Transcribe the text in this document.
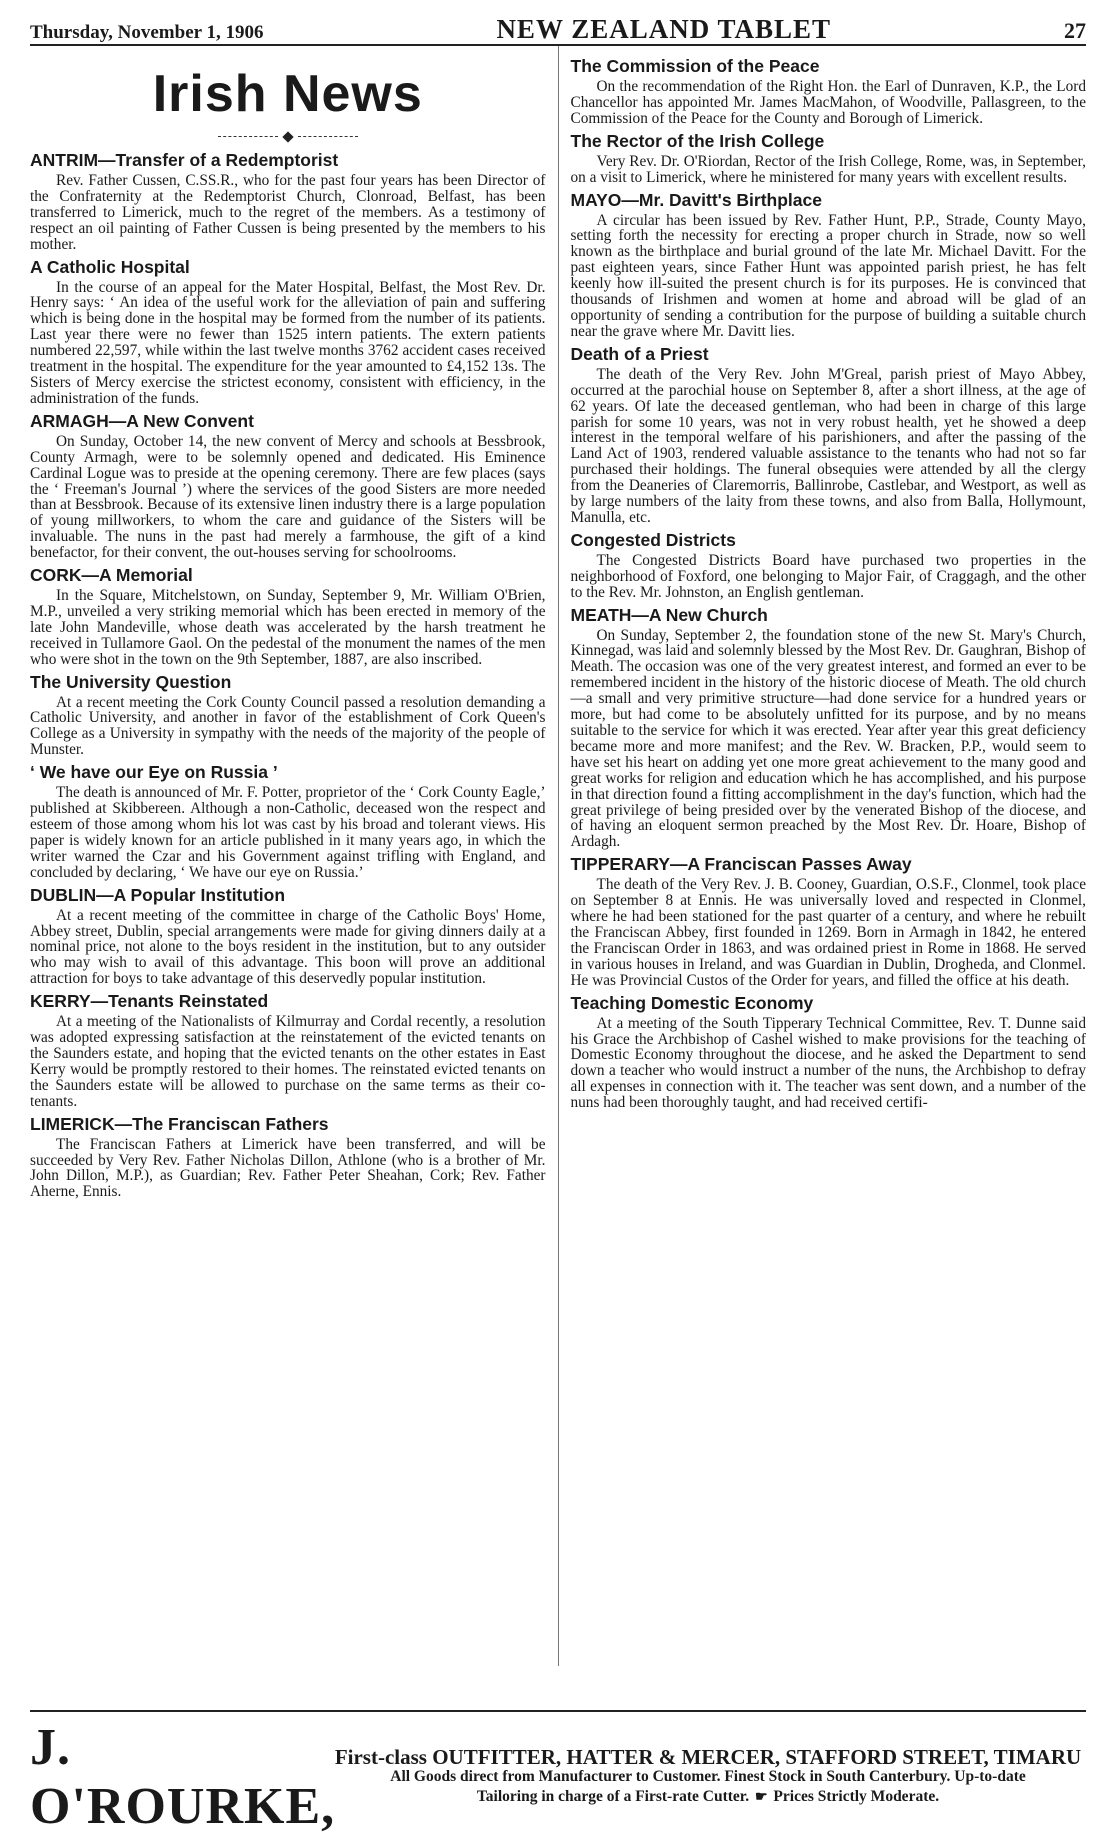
Thursday, November 1, 1906	NEW ZEALAND TABLET	27
Irish News
ANTRIM—Transfer of a Redemptorist

Rev. Father Cussen, C.SS.R., who for the past four years has been Director of the Confraternity at the Redemptorist Church, Clonroad, Belfast, has been transferred to Limerick, much to the regret of the members. As a testimony of respect an oil painting of Father Cussen is being presented by the members to his mother.

A Catholic Hospital

In the course of an appeal for the Mater Hospital, Belfast, the Most Rev. Dr. Henry says: ‘ An idea of the useful work for the alleviation of pain and suffering which is being done in the hospital may be formed from the number of its patients. Last year there were no fewer than 1525 intern patients. The extern patients numbered 22,597, while within the last twelve months 3762 accident cases received treatment in the hospital. The expenditure for the year amounted to £4,152 13s. The Sisters of Mercy exercise the strictest economy, consistent with efficiency, in the administration of the funds.

ARMAGH—A New Convent

On Sunday, October 14, the new convent of Mercy and schools at Bessbrook, County Armagh, were to be solemnly opened and dedicated. His Eminence Cardinal Logue was to preside at the opening ceremony. There are few places (says the ‘ Freeman's Journal ’) where the services of the good Sisters are more needed than at Bessbrook. Because of its extensive linen industry there is a large population of young millworkers, to whom the care and guidance of the Sisters will be invaluable. The nuns in the past had merely a farmhouse, the gift of a kind benefactor, for their convent, the out-houses serving for schoolrooms.

CORK—A Memorial

In the Square, Mitchelstown, on Sunday, September 9, Mr. William O'Brien, M.P., unveiled a very striking memorial which has been erected in memory of the late John Mandeville, whose death was accelerated by the harsh treatment he received in Tullamore Gaol. On the pedestal of the monument the names of the men who were shot in the town on the 9th September, 1887, are also inscribed.

The University Question

At a recent meeting the Cork County Council passed a resolution demanding a Catholic University, and another in favor of the establishment of Cork Queen's College as a University in sympathy with the needs of the majority of the people of Munster.

‘ We have our Eye on Russia ’

The death is announced of Mr. F. Potter, proprietor of the ‘ Cork County Eagle,’ published at Skibbereen. Although a non-Catholic, deceased won the respect and esteem of those among whom his lot was cast by his broad and tolerant views. His paper is widely known for an article published in it many years ago, in which the writer warned the Czar and his Government against trifling with England, and concluded by declaring, ‘ We have our eye on Russia.’

DUBLIN—A Popular Institution

At a recent meeting of the committee in charge of the Catholic Boys' Home, Abbey street, Dublin, special arrangements were made for giving dinners daily at a nominal price, not alone to the boys resident in the institution, but to any outsider who may wish to avail of this advantage. This boon will prove an additional attraction for boys to take advantage of this deservedly popular institution.

KERRY—Tenants Reinstated

At a meeting of the Nationalists of Kilmurray and Cordal recently, a resolution was adopted expressing satisfaction at the reinstatement of the evicted tenants on the Saunders estate, and hoping that the evicted tenants on the other estates in East Kerry would be promptly restored to their homes. The reinstated evicted tenants on the Saunders estate will be allowed to purchase on the same terms as their co-tenants.

LIMERICK—The Franciscan Fathers

The Franciscan Fathers at Limerick have been transferred, and will be succeeded by Very Rev. Father Nicholas Dillon, Athlone (who is a brother of Mr. John Dillon, M.P.), as Guardian; Rev. Father Peter Sheahan, Cork; Rev. Father Aherne, Ennis.

The Commission of the Peace

On the recommendation of the Right Hon. the Earl of Dunraven, K.P., the Lord Chancellor has appointed Mr. James MacMahon, of Woodville, Pallasgreen, to the Commission of the Peace for the County and Borough of Limerick.

The Rector of the Irish College

Very Rev. Dr. O'Riordan, Rector of the Irish College, Rome, was, in September, on a visit to Limerick, where he ministered for many years with excellent results.

MAYO—Mr. Davitt's Birthplace

A circular has been issued by Rev. Father Hunt, P.P., Strade, County Mayo, setting forth the necessity for erecting a proper church in Strade, now so well known as the birthplace and burial ground of the late Mr. Michael Davitt. For the past eighteen years, since Father Hunt was appointed parish priest, he has felt keenly how ill-suited the present church is for its purposes. He is convinced that thousands of Irishmen and women at home and abroad will be glad of an opportunity of sending a contribution for the purpose of building a suitable church near the grave where Mr. Davitt lies.

Death of a Priest

The death of the Very Rev. John M'Greal, parish priest of Mayo Abbey, occurred at the parochial house on September 8, after a short illness, at the age of 62 years. Of late the deceased gentleman, who had been in charge of this large parish for some 10 years, was not in very robust health, yet he showed a deep interest in the temporal welfare of his parishioners, and after the passing of the Land Act of 1903, rendered valuable assistance to the tenants who had not so far purchased their holdings. The funeral obsequies were attended by all the clergy from the Deaneries of Claremorris, Ballinrobe, Castlebar, and Westport, as well as by large numbers of the laity from these towns, and also from Balla, Hollymount, Manulla, etc.

Congested Districts

The Congested Districts Board have purchased two properties in the neighborhood of Foxford, one belonging to Major Fair, of Craggagh, and the other to the Rev. Mr. Johnston, an English gentleman.

MEATH—A New Church

On Sunday, September 2, the foundation stone of the new St. Mary's Church, Kinnegad, was laid and solemnly blessed by the Most Rev. Dr. Gaughran, Bishop of Meath. The occasion was one of the very greatest interest, and formed an ever to be remembered incident in the history of the historic diocese of Meath. The old church—a small and very primitive structure—had done service for a hundred years or more, but had come to be absolutely unfitted for its purpose, and by no means suitable to the service for which it was erected. Year after year this great deficiency became more and more manifest; and the Rev. W. Bracken, P.P., would seem to have set his heart on adding yet one more great achievement to the many good and great works for religion and education which he has accomplished, and his purpose in that direction found a fitting accomplishment in the day's function, which had the great privilege of being presided over by the venerated Bishop of the diocese, and of having an eloquent sermon preached by the Most Rev. Dr. Hoare, Bishop of Ardagh.

TIPPERARY—A Franciscan Passes Away

The death of the Very Rev. J. B. Cooney, Guardian, O.S.F., Clonmel, took place on September 8 at Ennis. He was universally loved and respected in Clonmel, where he had been stationed for the past quarter of a century, and where he rebuilt the Franciscan Abbey, first founded in 1269. Born in Armagh in 1842, he entered the Franciscan Order in 1863, and was ordained priest in Rome in 1868. He served in various houses in Ireland, and was Guardian in Dublin, Drogheda, and Clonmel. He was Provincial Custos of the Order for years, and filled the office at his death.

Teaching Domestic Economy

At a meeting of the South Tipperary Technical Committee, Rev. T. Dunne said his Grace the Archbishop of Cashel wished to make provisions for the teaching of Domestic Economy throughout the diocese, and he asked the Department to send down a teacher who would instruct a number of the nuns, the Archbishop to defray all expenses in connection with it. The teacher was sent down, and a number of the nuns had been thoroughly taught, and had received certifi-

J. O'ROURKE,
First-class OUTFITTER, HATTER & MERCER, STAFFORD STREET, TIMARU
All Goods direct from Manufacturer to Customer. Finest Stock in South Canterbury. Up-to-date
Tailoring in charge of a First-rate Cutter. ☛ Prices Strictly Moderate.
